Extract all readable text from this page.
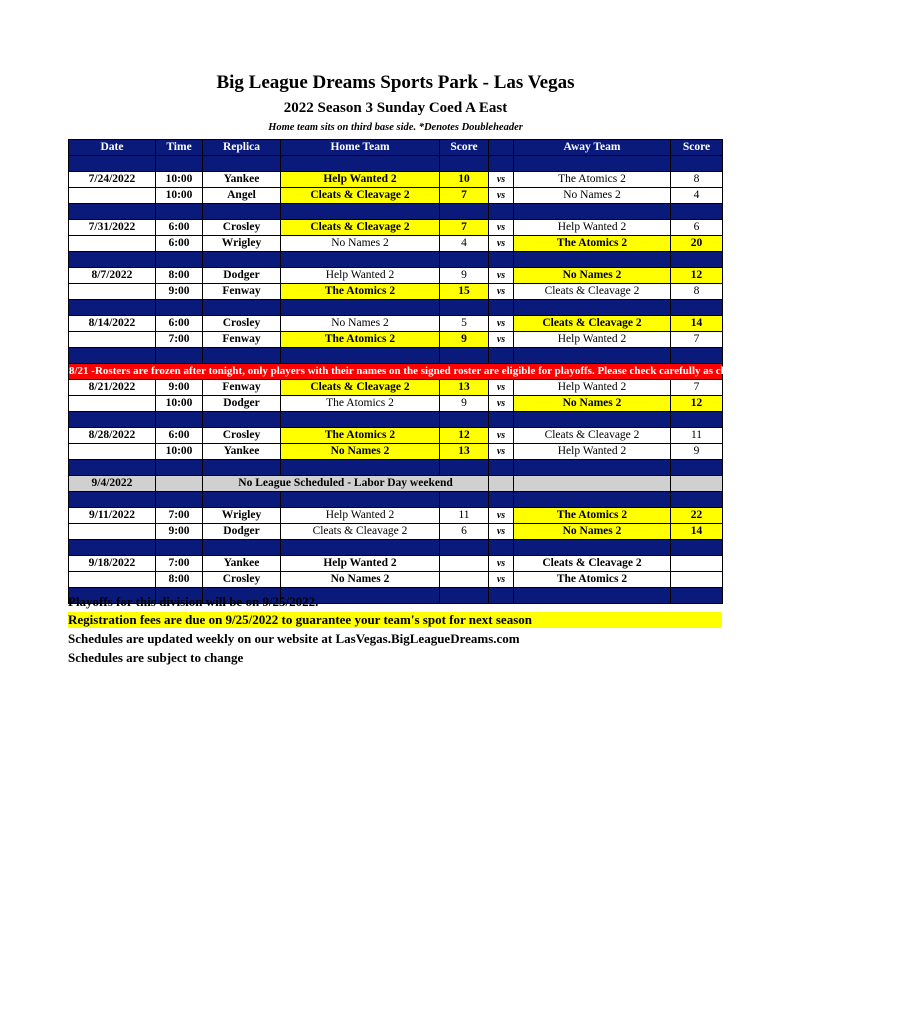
Big League Dreams Sports Park - Las Vegas
2022 Season 3 Sunday Coed A East
Home team sits on third base side. *Denotes Doubleheader
Date	Time	Replica	Home Team	Score		Away Team	Score

7/24/2022	10:00	Yankee	Help Wanted 2	10	vs	The Atomics 2	8
	10:00	Angel	Cleats & Cleavage 2	7	vs	No Names 2	4

7/31/2022	6:00	Crosley	Cleats & Cleavage 2	7	vs	Help Wanted 2	6
	6:00	Wrigley	No Names 2	4	vs	The Atomics 2	20

8/7/2022	8:00	Dodger	Help Wanted 2	9	vs	No Names 2	12
	9:00	Fenway	The Atomics 2	15	vs	Cleats & Cleavage 2	8

8/14/2022	6:00	Crosley	No Names 2	5	vs	Cleats & Cleavage 2	14
	7:00	Fenway	The Atomics 2	9	vs	Help Wanted 2	7

8/21 -Rosters are frozen after tonight, only players with their names on the signed roster are eligible for playoffs. Please check carefully as changes will not be made for omissions.							
8/21/2022	9:00	Fenway	Cleats & Cleavage 2	13	vs	Help Wanted 2	7
	10:00	Dodger	The Atomics 2	9	vs	No Names 2	12

8/28/2022	6:00	Crosley	The Atomics 2	12	vs	Cleats & Cleavage 2	11
	10:00	Yankee	No Names 2	13	vs	Help Wanted 2	9

9/4/2022		No League Scheduled - Labor Day weekend					

9/11/2022	7:00	Wrigley	Help Wanted 2	11	vs	The Atomics 2	22
	9:00	Dodger	Cleats & Cleavage 2	6	vs	No Names 2	14

9/18/2022	7:00	Yankee	Help Wanted 2		vs	Cleats & Cleavage 2	
	8:00	Crosley	No Names 2		vs	The Atomics 2	

Playoffs for this division will be on 9/25/2022.
Registration fees are due on 9/25/2022 to guarantee your team's spot for next season
Schedules are updated weekly on our website at LasVegas.BigLeagueDreams.com
Schedules are subject to change
